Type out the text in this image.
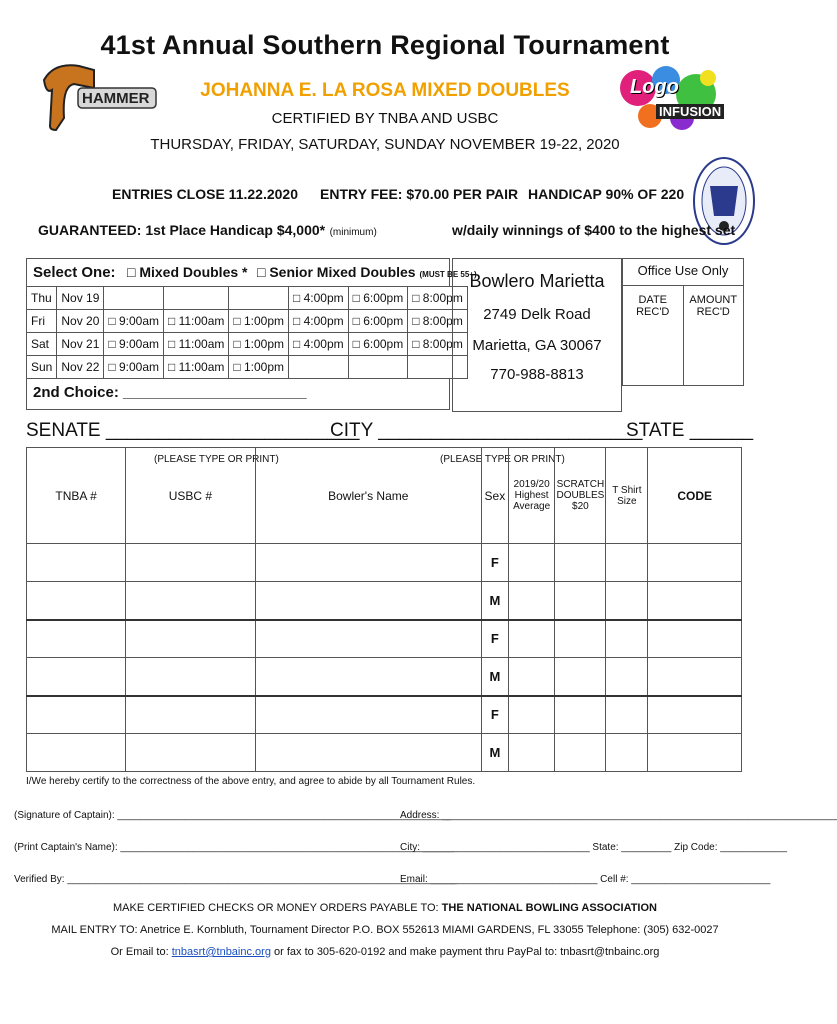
HAMMER
Logo
INFUSION
41st Annual Southern Regional Tournament
JOHANNA E. LA ROSA MIXED DOUBLES
CERTIFIED BY TNBA AND USBC
THURSDAY, FRIDAY, SATURDAY, SUNDAY NOVEMBER 19-22, 2020
ENTRIES CLOSE 11.22.2020 ENTRY FEE: $70.00 PER PAIR HANDICAP 90% OF 220
GUARANTEED: 1st Place Handicap $4,000* (minimum)	w/daily winnings of $400 to the highest set
Select One: □ Mixed Doubles * □ Senior Mixed Doubles (MUST BE 55+)
Thu	Nov 19				□ 4:00pm	□ 6:00pm	□ 8:00pm
Fri	Nov 20	□ 9:00am	□ 11:00am	□ 1:00pm	□ 4:00pm	□ 6:00pm	□ 8:00pm
Sat	Nov 21	□ 9:00am	□ 11:00am	□ 1:00pm	□ 4:00pm	□ 6:00pm	□ 8:00pm
Sun	Nov 22	□ 9:00am	□ 11:00am	□ 1:00pm			
2nd Choice: ______________________
Bowlero Marietta
2749 Delk Road
Marietta, GA 30067
770-988-8813
Office Use Only
DATE REC'D
AMOUNT REC'D
SENATE ________________________
CITY _________________________
STATE ______
(PLEASE TYPE OR PRINT)	(PLEASE TYPE OR PRINT)
TNBA #	USBC #	Bowler's Name	Sex	2019/20 Highest Average	SCRATCH DOUBLES $20	T Shirt Size	CODE
			F				
			M				
			F				
			M				
			F				
			M				
I/We hereby certify to the correctness of the above entry, and agree to abide by all Tournament Rules.
(Signature of Captain): ____________________________________________________________
(Print Captain's Name): ____________________________________________________________
Verified By: ______________________________________________________________________
Address: _______________________________________________________________________
City: ______________________________ State: _________ Zip Code: ____________
Email: ______________________________ Cell #: _________________________
MAKE CERTIFIED CHECKS OR MONEY ORDERS PAYABLE TO: THE NATIONAL BOWLING ASSOCIATION
MAIL ENTRY TO: Anetrice E. Kornbluth, Tournament Director P.O. BOX 552613 MIAMI GARDENS, FL 33055 Telephone: (305) 632-0027
Or Email to: tnbasrt@tnbainc.org or fax to 305-620-0192 and make payment thru PayPal to: tnbasrt@tnbainc.org
